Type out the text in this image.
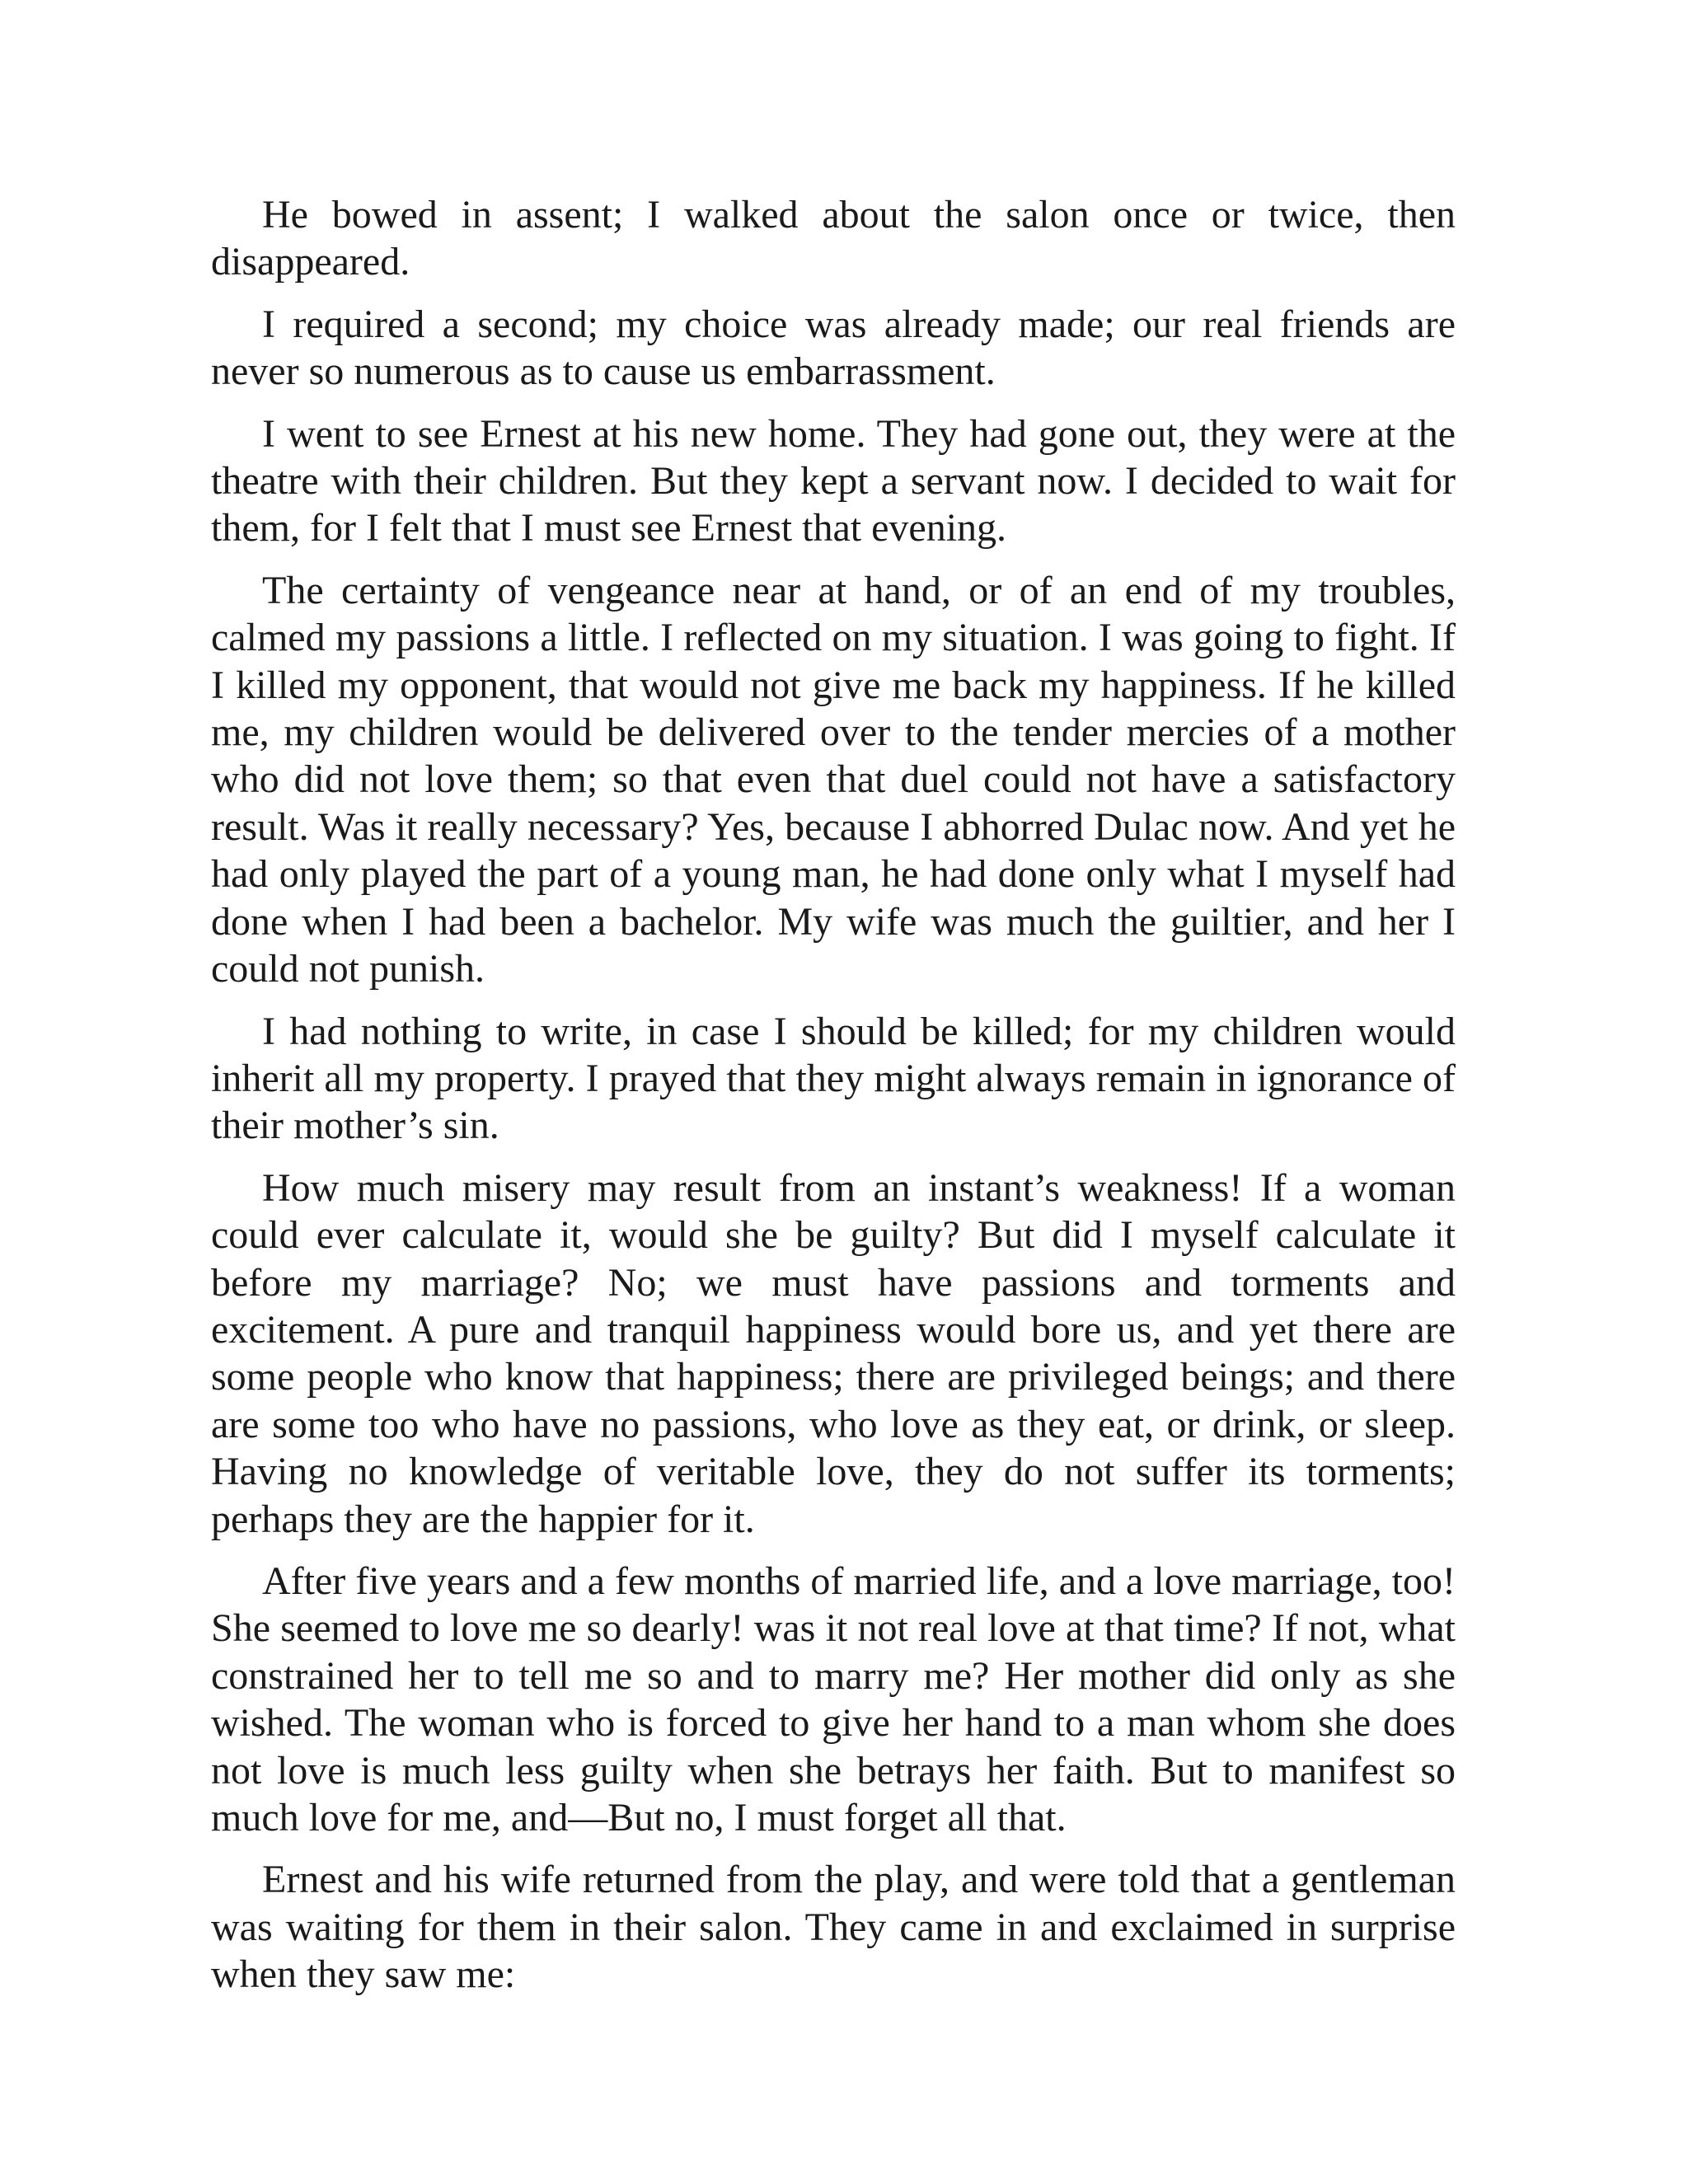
He bowed in assent; I walked about the salon once or twice, then disappeared.

I required a second; my choice was already made; our real friends are never so numerous as to cause us embarrassment.

I went to see Ernest at his new home. They had gone out, they were at the theatre with their children. But they kept a servant now. I decided to wait for them, for I felt that I must see Ernest that evening.

The certainty of vengeance near at hand, or of an end of my troubles, calmed my passions a little. I reflected on my situation. I was going to fight. If I killed my opponent, that would not give me back my happiness. If he killed me, my children would be delivered over to the tender mercies of a mother who did not love them; so that even that duel could not have a satisfactory result. Was it really necessary? Yes, because I abhorred Dulac now. And yet he had only played the part of a young man, he had done only what I myself had done when I had been a bachelor. My wife was much the guiltier, and her I could not punish.

I had nothing to write, in case I should be killed; for my children would inherit all my property. I prayed that they might always remain in ignorance of their mother’s sin.

How much misery may result from an instant’s weakness! If a woman could ever calculate it, would she be guilty? But did I myself calculate it before my marriage? No; we must have passions and torments and excitement. A pure and tranquil happiness would bore us, and yet there are some people who know that happiness; there are privileged beings; and there are some too who have no passions, who love as they eat, or drink, or sleep. Having no knowledge of veritable love, they do not suffer its torments; perhaps they are the happier for it.

After five years and a few months of married life, and a love marriage, too! She seemed to love me so dearly! was it not real love at that time? If not, what constrained her to tell me so and to marry me? Her mother did only as she wished. The woman who is forced to give her hand to a man whom she does not love is much less guilty when she betrays her faith. But to manifest so much love for me, and—But no, I must forget all that.

Ernest and his wife returned from the play, and were told that a gentleman was waiting for them in their salon. They came in and exclaimed in surprise when they saw me:
